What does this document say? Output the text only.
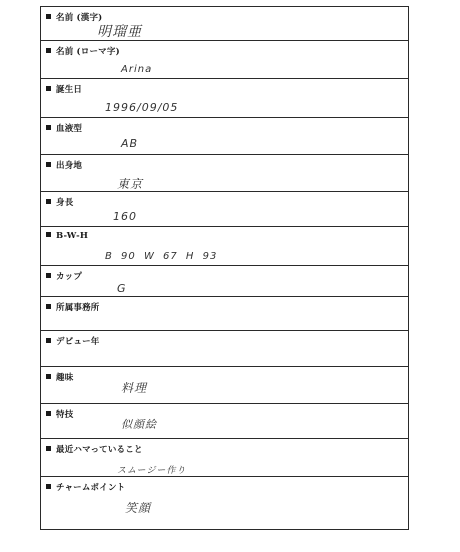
名前 (漢字)
明瑠亜
名前 (ローマ字)
Arina
誕生日
1996/09/05
血液型
AB
出身地
東京
身長
160
B-W-H
B 90 W 67 H 93
カップ
G
所属事務所
デビュー年
趣味
料理
特技
似顔絵
最近ハマっていること
スムージー作り
チャームポイント
笑顔
